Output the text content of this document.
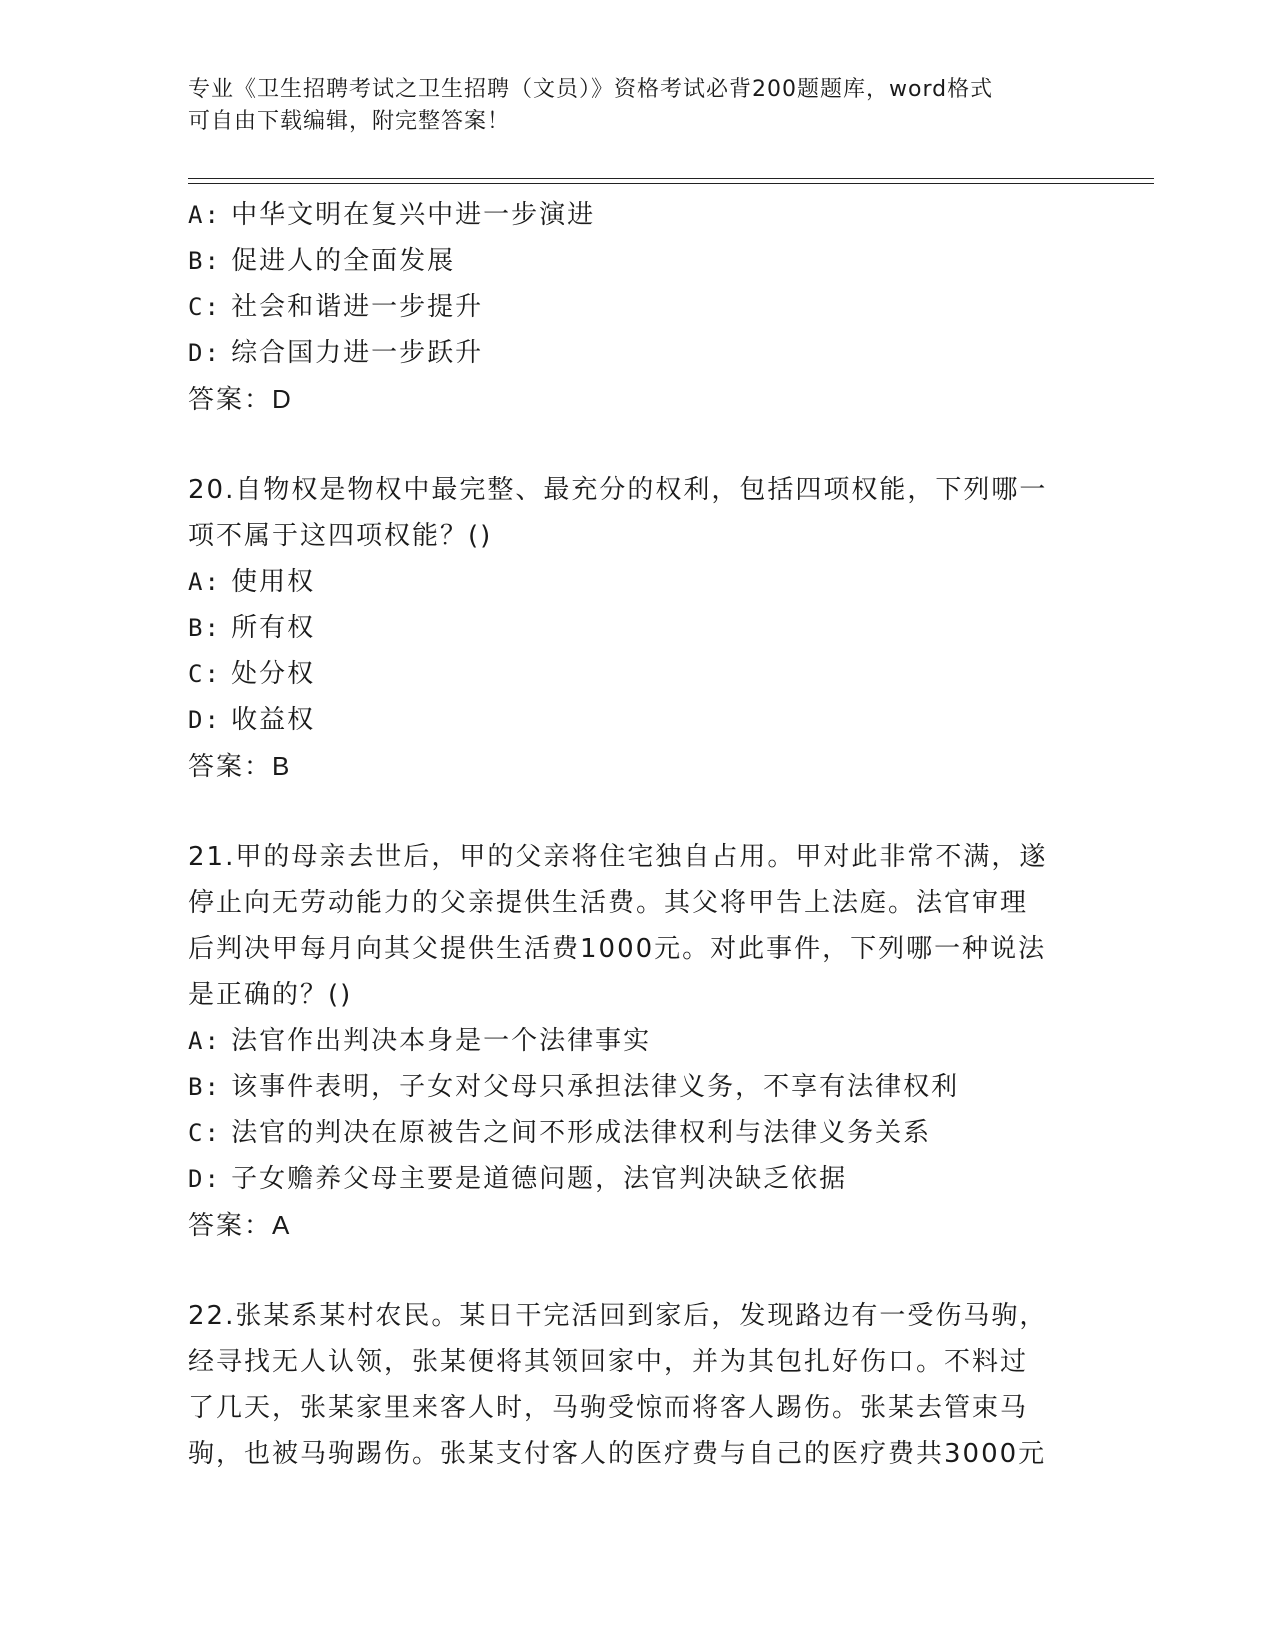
专业《卫生招聘考试之卫生招聘（文员）》资格考试必背200题题库，word格式
可自由下载编辑，附完整答案！
A: 中华文明在复兴中进一步演进
B: 促进人的全面发展
C: 社会和谐进一步提升
D: 综合国力进一步跃升
答案：D
20.自物权是物权中最完整、最充分的权利，包括四项权能，下列哪一
项不属于这四项权能？()
A: 使用权
B: 所有权
C: 处分权
D: 收益权
答案：B
21.甲的母亲去世后，甲的父亲将住宅独自占用。甲对此非常不满，遂
停止向无劳动能力的父亲提供生活费。其父将甲告上法庭。法官审理
后判决甲每月向其父提供生活费1000元。对此事件，下列哪一种说法
是正确的？()
A: 法官作出判决本身是一个法律事实
B: 该事件表明，子女对父母只承担法律义务，不享有法律权利
C: 法官的判决在原被告之间不形成法律权利与法律义务关系
D: 子女赡养父母主要是道德问题，法官判决缺乏依据
答案：A
22.张某系某村农民。某日干完活回到家后，发现路边有一受伤马驹，
经寻找无人认领，张某便将其领回家中，并为其包扎好伤口。不料过
了几天，张某家里来客人时，马驹受惊而将客人踢伤。张某去管束马
驹，也被马驹踢伤。张某支付客人的医疗费与自己的医疗费共3000元
